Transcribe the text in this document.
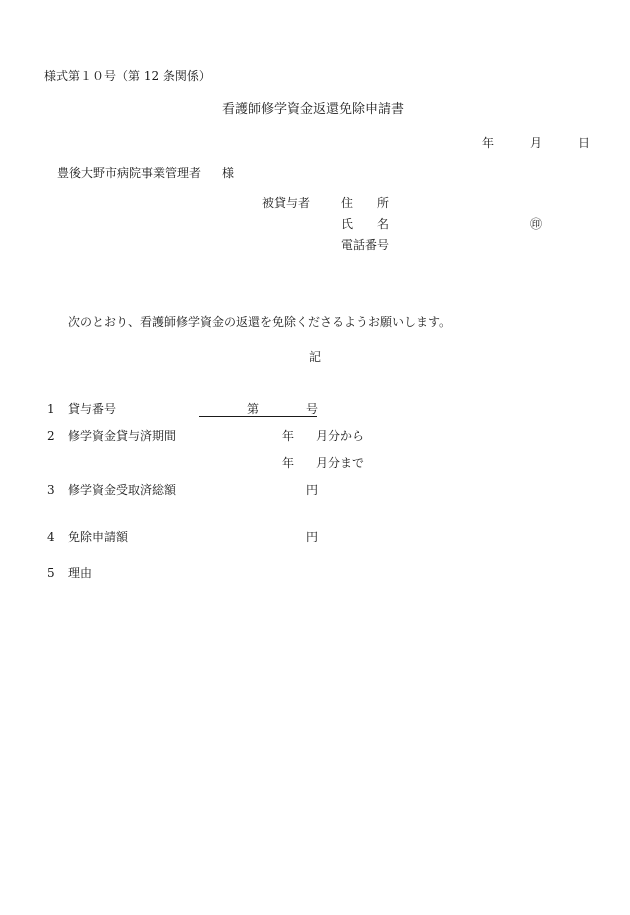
様式第１０号（第 12 条関係）
看護師修学資金返還免除申請書
年	月	日
豊後大野市病院事業管理者 様
被貸与者	住　　所
氏　　名	㊞
電話番号
次のとおり、看護師修学資金の返還を免除くださるようお願いします。
記
1 貸与番号	第	号
2 修学資金貸与済期間	年 月分から
年 月分まで
3 修学資金受取済総額	円
4 免除申請額	円
5 理由
